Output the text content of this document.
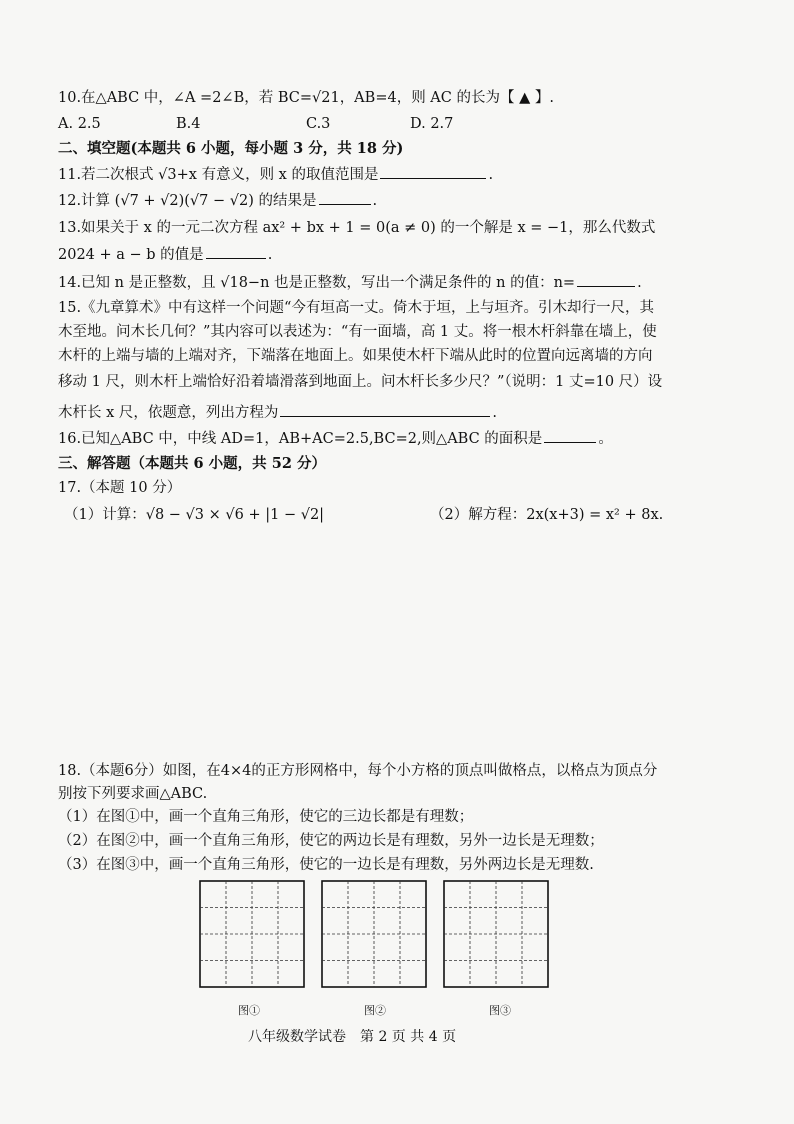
10.在△ABC 中，∠A =2∠B，若 BC=√21，AB=4，则 AC 的长为【 ▲ 】.
A. 2.5	B.4	C.3	D. 2.7
二、填空题(本题共 6 小题，每小题 3 分，共 18 分)
11.若二次根式 √3+x 有意义，则 x 的取值范围是	.
12.计算 (√7 + √2)(√7 − √2) 的结果是	.
13.如果关于 x 的一元二次方程 ax² + bx + 1 = 0(a ≠ 0) 的一个解是 x = −1，那么代数式
2024 + a − b 的值是	.
14.已知 n 是正整数，且 √18−n 也是正整数，写出一个满足条件的 n 的值：n=	.
15.《九章算术》中有这样一个问题“今有垣高一丈。倚木于垣，上与垣齐。引木却行一尺，其
木至地。问木长几何？”其内容可以表述为：“有一面墙，高 1 丈。将一根木杆斜靠在墙上，使
木杆的上端与墙的上端对齐，下端落在地面上。如果使木杆下端从此时的位置向远离墙的方向
移动 1 尺，则木杆上端恰好沿着墙滑落到地面上。问木杆长多少尺？”（说明：1 丈=10 尺）设
木杆长 x 尺，依题意，列出方程为	.
16.已知△ABC 中，中线 AD=1，AB+AC=2.5,BC=2,则△ABC 的面积是	。
三、解答题（本题共 6 小题，共 52 分）
17.（本题 10 分）
（1）计算：√8 − √3 × √6 + |1 − √2|	（2）解方程：2x(x+3) = x² + 8x.
18.（本题6分）如图，在4×4的正方形网格中，每个小方格的顶点叫做格点，以格点为顶点分
别按下列要求画△ABC.
（1）在图①中，画一个直角三角形，使它的三边长都是有理数；
（2）在图②中，画一个直角三角形，使它的两边长是有理数，另外一边长是无理数；
（3）在图③中，画一个直角三角形，使它的一边长是有理数，另外两边长是无理数.
图①	图②	图③
八年级数学试卷　第 2 页 共 4 页
